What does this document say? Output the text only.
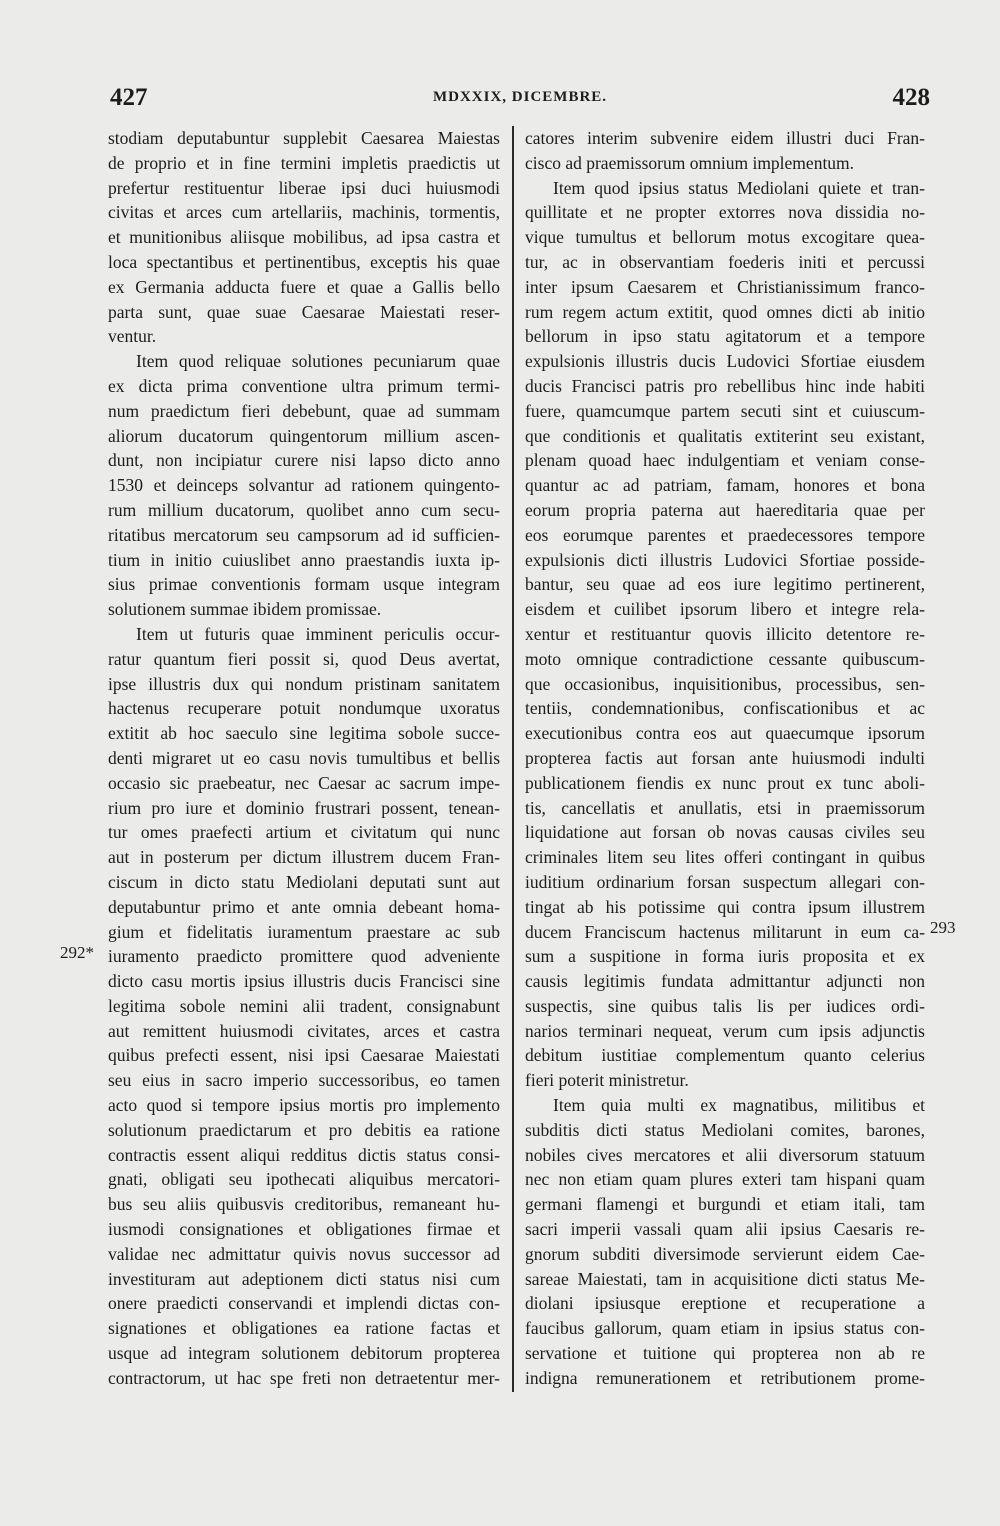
427	MDXXIX, DICEMBRE.	428
stodiam deputabuntur supplebit Caesarea Maiestas
de proprio et in fine termini impletis praedictis ut
prefertur restituentur liberae ipsi duci huiusmodi
civitas et arces cum artellariis, machinis, tormentis,
et munitionibus aliisque mobilibus, ad ipsa castra et
loca spectantibus et pertinentibus, exceptis his quae
ex Germania adducta fuere et quae a Gallis bello
parta sunt, quae suae Caesarae Maiestati reser-
ventur.
Item quod reliquae solutiones pecuniarum quae
ex dicta prima conventione ultra primum termi-
num praedictum fieri debebunt, quae ad summam
aliorum ducatorum quingentorum millium ascen-
dunt, non incipiatur curere nisi lapso dicto anno
1530 et deinceps solvantur ad rationem quingento-
rum millium ducatorum, quolibet anno cum secu-
ritatibus mercatorum seu campsorum ad id sufficien-
tium in initio cuiuslibet anno praestandis iuxta ip-
sius primae conventionis formam usque integram
solutionem summae ibidem promissae.
Item ut futuris quae imminent periculis occur-
ratur quantum fieri possit si, quod Deus avertat,
ipse illustris dux qui nondum pristinam sanitatem
hactenus recuperare potuit nondumque uxoratus
extitit ab hoc saeculo sine legitima sobole succe-
denti migraret ut eo casu novis tumultibus et bellis
occasio sic praebeatur, nec Caesar ac sacrum impe-
rium pro iure et dominio frustrari possent, tenean-
tur omes praefecti artium et civitatum qui nunc
aut in posterum per dictum illustrem ducem Fran-
ciscum in dicto statu Mediolani deputati sunt aut
deputabuntur primo et ante omnia debeant homa-
gium et fidelitatis iuramentum praestare ac sub
iuramento praedicto promittere quod adveniente
dicto casu mortis ipsius illustris ducis Francisci sine
legitima sobole nemini alii tradent, consignabunt
aut remittent huiusmodi civitates, arces et castra
quibus prefecti essent, nisi ipsi Caesarae Maiestati
seu eius in sacro imperio successoribus, eo tamen
acto quod si tempore ipsius mortis pro implemento
solutionum praedictarum et pro debitis ea ratione
contractis essent aliqui redditus dictis status consi-
gnati, obligati seu ipothecati aliquibus mercatori-
bus seu aliis quibusvis creditoribus, remaneant hu-
iusmodi consignationes et obligationes firmae et
validae nec admittatur quivis novus successor ad
investituram aut adeptionem dicti status nisi cum
onere praedicti conservandi et implendi dictas con-
signationes et obligationes ea ratione factas et
usque ad integram solutionem debitorum propterea
contractorum, ut hac spe freti non detraetentur mer-
catores interim subvenire eidem illustri duci Fran-
cisco ad praemissorum omnium implementum.
Item quod ipsius status Mediolani quiete et tran-
quillitate et ne propter extorres nova dissidia no-
vique tumultus et bellorum motus excogitare quea-
tur, ac in observantiam foederis initi et percussi
inter ipsum Caesarem et Christianissimum franco-
rum regem actum extitit, quod omnes dicti ab initio
bellorum in ipso statu agitatorum et a tempore
expulsionis illustris ducis Ludovici Sfortiae eiusdem
ducis Francisci patris pro rebellibus hinc inde habiti
fuere, quamcumque partem secuti sint et cuiuscum-
que conditionis et qualitatis extiterint seu existant,
plenam quoad haec indulgentiam et veniam conse-
quantur ac ad patriam, famam, honores et bona
eorum propria paterna aut haereditaria quae per
eos eorumque parentes et praedecessores tempore
expulsionis dicti illustris Ludovici Sfortiae posside-
bantur, seu quae ad eos iure legitimo pertinerent,
eisdem et cuilibet ipsorum libero et integre rela-
xentur et restituantur quovis illicito detentore re-
moto omnique contradictione cessante quibuscum-
que occasionibus, inquisitionibus, processibus, sen-
tentiis, condemnationibus, confiscationibus et ac
executionibus contra eos aut quaecumque ipsorum
propterea factis aut forsan ante huiusmodi indulti
publicationem fiendis ex nunc prout ex tunc aboli-
tis, cancellatis et anullatis, etsi in praemissorum
liquidatione aut forsan ob novas causas civiles seu
criminales litem seu lites offeri contingant in quibus
iuditium ordinarium forsan suspectum allegari con-
tingat ab his potissime qui contra ipsum illustrem
ducem Franciscum hactenus militarunt in eum ca-
sum a suspitione in forma iuris proposita et ex
causis legitimis fundata admittantur adjuncti non
suspectis, sine quibus talis lis per iudices ordi-
narios terminari nequeat, verum cum ipsis adjunctis
debitum iustitiae complementum quanto celerius
fieri poterit ministretur.
Item quia multi ex magnatibus, militibus et
subditis dicti status Mediolani comites, barones,
nobiles cives mercatores et alii diversorum statuum
nec non etiam quam plures exteri tam hispani quam
germani flamengi et burgundi et etiam itali, tam
sacri imperii vassali quam alii ipsius Caesaris re-
gnorum subditi diversimode servierunt eidem Cae-
sareae Maiestati, tam in acquisitione dicti status Me-
diolani ipsiusque ereptione et recuperatione a
faucibus gallorum, quam etiam in ipsius status con-
servatione et tuitione qui propterea non ab re
indigna remunerationem et retributionem prome-
292*
293
